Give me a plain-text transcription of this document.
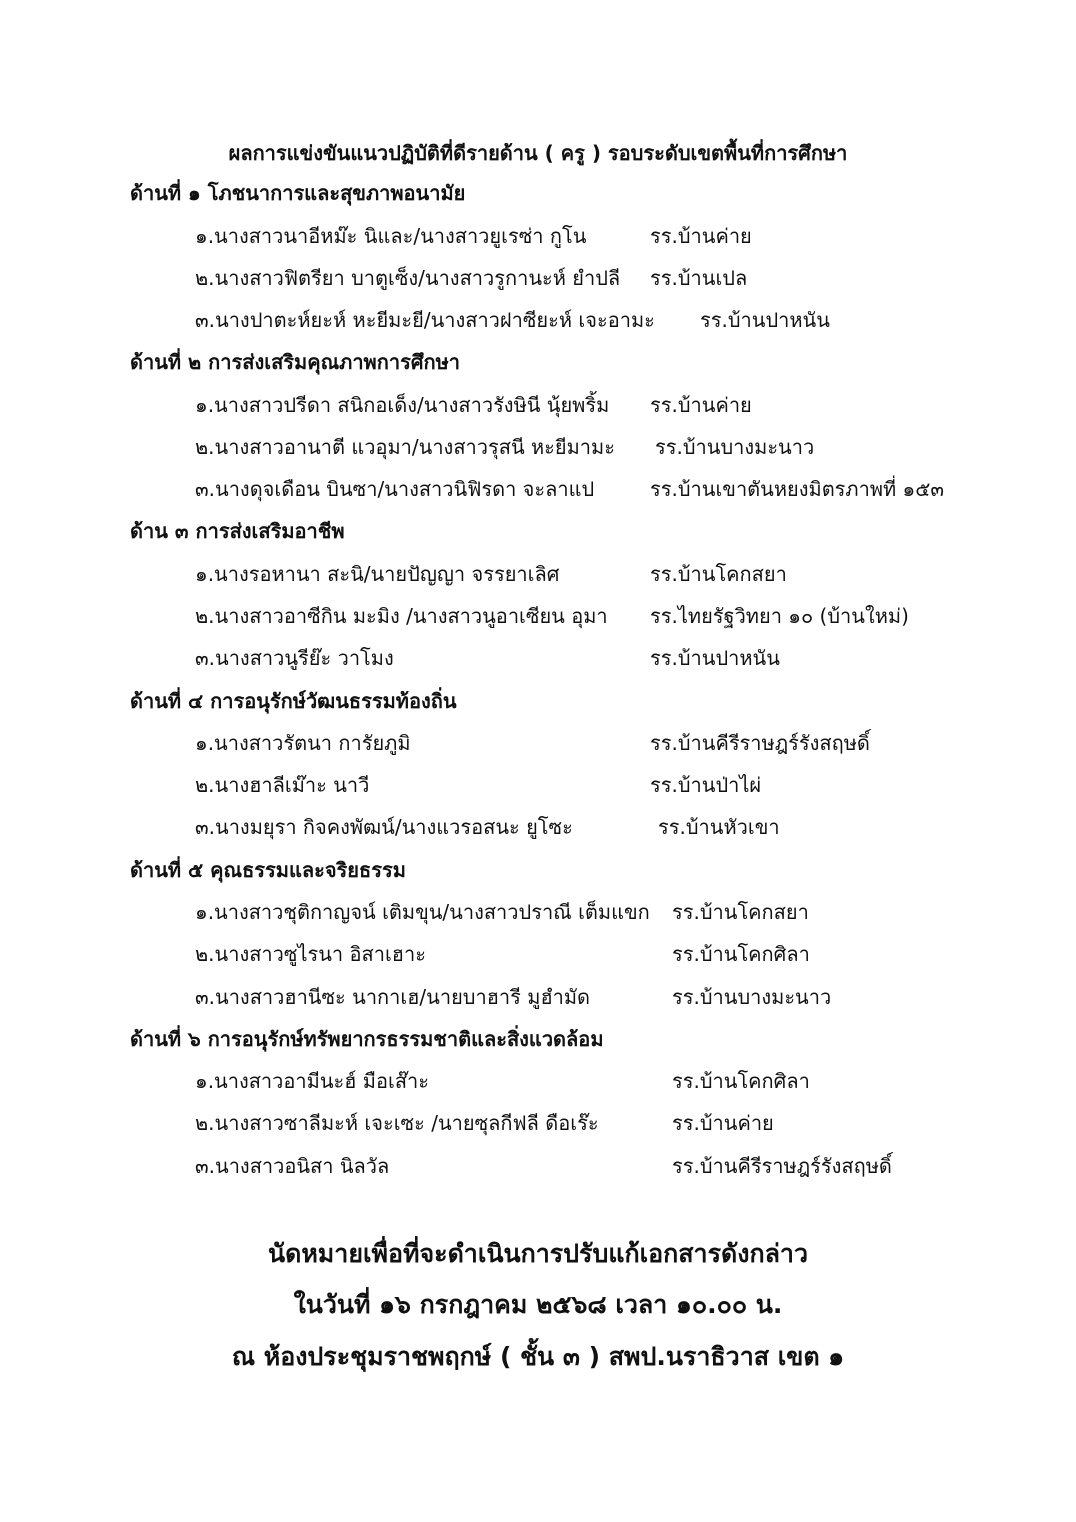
ผลการแข่งขันแนวปฏิบัติที่ดีรายด้าน ( ครู ) รอบระดับเขตพื้นที่การศึกษา
ด้านที่ ๑ โภชนาการและสุขภาพอนามัย
๑.นางสาวนาอีหม๊ะ นิและ/นางสาวยูเรซ่า กูโน	รร.บ้านค่าย
๒.นางสาวฟิตรียา บาตูเซ็ง/นางสาวรูกานะห์ ยำปลี รร.บ้านเปล
๓.นางปาตะห์ยะห์ หะยีมะยี/นางสาวฝาซียะห์ เจะอามะ รร.บ้านปาหนัน
ด้านที่ ๒ การส่งเสริมคุณภาพการศึกษา
๑.นางสาวปรีดา สนิกอเด็ง/นางสาวรังษินี นุ้ยพริ้ม รร.บ้านค่าย
๒.นางสาวอานาตี แวอุมา/นางสาวรุสนี หะยีมามะ รร.บ้านบางมะนาว
๓.นางดุจเดือน บินซา/นางสาวนิฟิรดา จะลาแป	รร.บ้านเขาตันหยงมิตรภาพที่ ๑๕๓
ด้าน ๓ การส่งเสริมอาชีพ
๑.นางรอหานา สะนิ/นายปัญญา จรรยาเลิศ	รร.บ้านโคกสยา
๒.นางสาวอาซีกิน มะมิง /นางสาวนูอาเซียน อุมา รร.ไทยรัฐวิทยา ๑๐ (บ้านใหม่)
๓.นางสาวนูรีย๊ะ วาโมง	รร.บ้านปาหนัน
ด้านที่ ๔ การอนุรักษ์วัฒนธรรมท้องถิ่น
๑.นางสาวรัตนา การัยภูมิ	รร.บ้านคีรีราษฎร์รังสฤษดิ์
๒.นางฮาลีเม๊าะ นาวี	รร.บ้านป่าไผ่
๓.นางมยุรา กิจคงพัฒน์/นางแวรอสนะ ยูโซะ	รร.บ้านหัวเขา
ด้านที่ ๕ คุณธรรมและจริยธรรม
๑.นางสาวชุติกาญจน์ เติมขุน/นางสาวปราณี เต็มแขก รร.บ้านโคกสยา
๒.นางสาวซูไรนา อิสาเฮาะ	รร.บ้านโคกศิลา
๓.นางสาวฮานีซะ นากาเฮ/นายบาฮารี มูฮำมัด	รร.บ้านบางมะนาว
ด้านที่ ๖ การอนุรักษ์ทรัพยากรธรรมชาติและสิ่งแวดล้อม
๑.นางสาวอามีนะฮ์ มือเส๊าะ	รร.บ้านโคกศิลา
๒.นางสาวซาลีมะห์ เจะเซะ /นายซุลกีฟลี ดือเร๊ะ	รร.บ้านค่าย
๓.นางสาวอนิสา นิลวัล	รร.บ้านคีรีราษฎร์รังสฤษดิ์
นัดหมายเพื่อที่จะดำเนินการปรับแก้เอกสารดังกล่าว
ในวันที่ ๑๖ กรกฎาคม ๒๕๖๘ เวลา ๑๐.๐๐ น.
ณ ห้องประชุมราชพฤกษ์ ( ชั้น ๓ ) สพป.นราธิวาส เขต ๑
